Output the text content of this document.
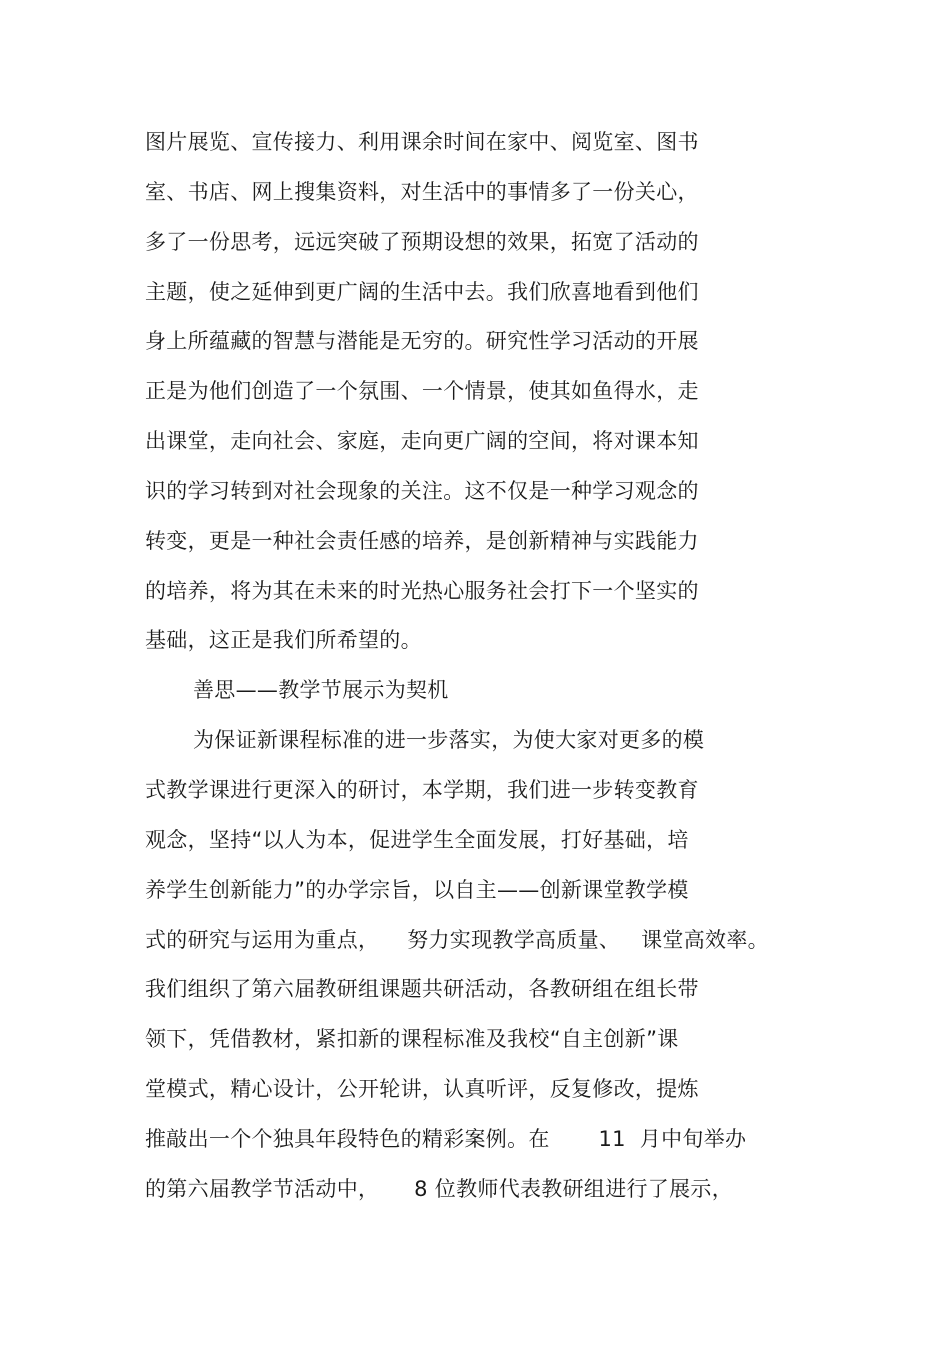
图片展览、宣传接力、利用课余时间在家中、阅览室、图书
室、书店、网上搜集资料，对生活中的事情多了一份关心，
多了一份思考，远远突破了预期设想的效果，拓宽了活动的
主题，使之延伸到更广阔的生活中去。我们欣喜地看到他们
身上所蕴藏的智慧与潜能是无穷的。研究性学习活动的开展
正是为他们创造了一个氛围、一个情景，使其如鱼得水，走
出课堂，走向社会、家庭，走向更广阔的空间，将对课本知
识的学习转到对社会现象的关注。这不仅是一种学习观念的
转变，更是一种社会责任感的培养，是创新精神与实践能力
的培养，将为其在未来的时光热心服务社会打下一个坚实的
基础，这正是我们所希望的。
善思——教学节展示为契机
为保证新课程标准的进一步落实，为使大家对更多的模
式教学课进行更深入的研讨，本学期，我们进一步转变教育
观念，坚持“以人为本，促进学生全面发展，打好基础，培
养学生创新能力”的办学宗旨，以自主——创新课堂教学模
式的研究与运用为重点，    努力实现教学高质量、   课堂高效率。
我们组织了第六届教研组课题共研活动，各教研组在组长带
领下，凭借教材，紧扣新的课程标准及我校“自主创新”课
堂模式，精心设计，公开轮讲，认真听评，反复修改，提炼
推敲出一个个独具年段特色的精彩案例。在       11  月中旬举办
的第六届教学节活动中，     8 位教师代表教研组进行了展示，
